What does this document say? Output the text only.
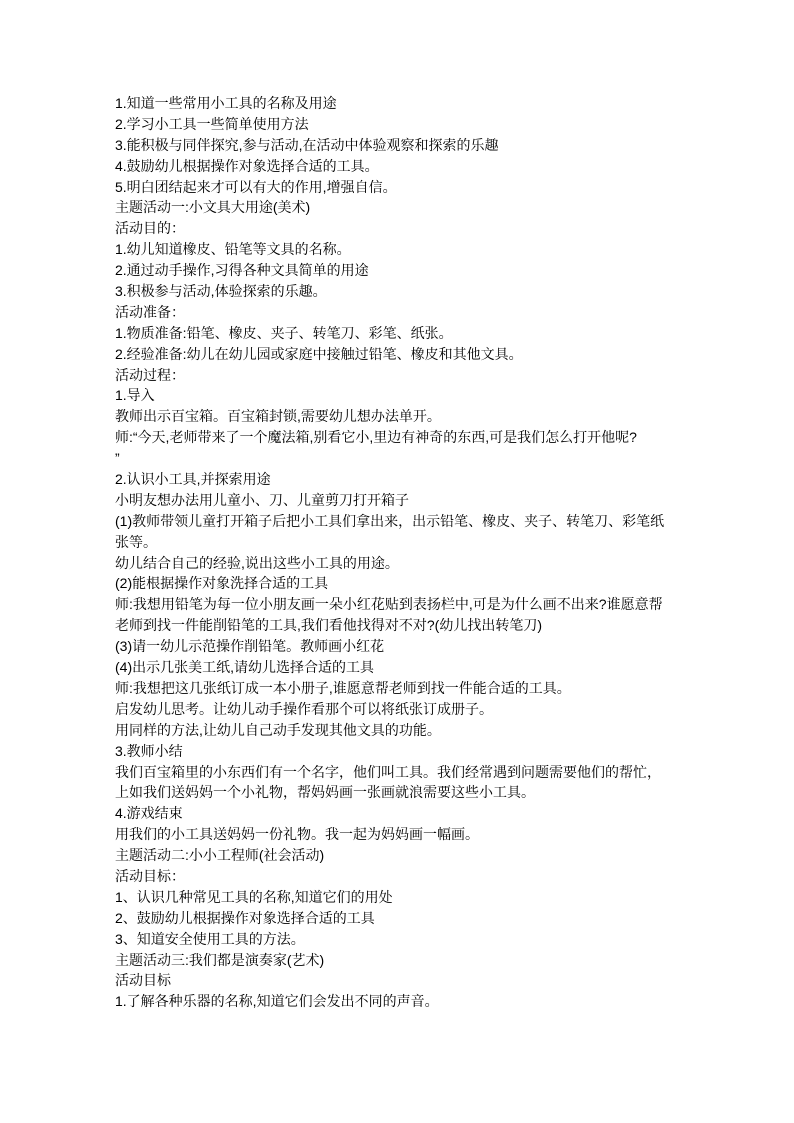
1.知道一些常用小工具的名称及用途
2.学习小工具一些简单使用方法
3.能积极与同伴探究,参与活动,在活动中体验观察和探索的乐趣
4.鼓励幼儿根据操作对象选择合适的工具。
5.明白团结起来才可以有大的作用,增强自信。
主题活动一:小文具大用途(美术)
活动目的：
1.幼儿知道橡皮、铅笔等文具的名称。
2.通过动手操作,习得各种文具简单的用途
3.积极参与活动,体验探索的乐趣。
活动准备：
1.物质准备:铅笔、橡皮、夹子、转笔刀、彩笔、纸张。
2.经验准备:幼儿在幼儿园或家庭中接触过铅笔、橡皮和其他文具。
活动过程：
1.导入
教师出示百宝箱。百宝箱封锁,需要幼儿想办法单开。
师:“今天,老师带来了一个魔法箱,别看它小,里边有神奇的东西,可是我们怎么打开他呢?
”
2.认识小工具,并探索用途
小明友想办法用儿童小、刀、儿童剪刀打开箱子
(1)教师带领儿童打开箱子后把小工具们拿出来，出示铅笔、橡皮、夹子、转笔刀、彩笔纸
张等。
幼儿结合自己的经验,说出这些小工具的用途。
(2)能根据操作对象洗择合适的工具
师:我想用铅笔为每一位小朋友画一朵小红花贴到表扬栏中,可是为什么画不出来?谁愿意帮
老师到找一件能削铅笔的工具,我们看他找得对不对?(幼儿找出转笔刀)
(3)请一幼儿示范操作削铅笔。教师画小红花
(4)出示几张美工纸,请幼儿选择合适的工具
师:我想把这几张纸订成一本小册子,谁愿意帮老师到找一件能合适的工具。
启发幼儿思考。让幼儿动手操作看那个可以将纸张订成册子。
用同样的方法,让幼儿自己动手发现其他文具的功能。
3.教师小结
我们百宝箱里的小东西们有一个名字，他们叫工具。我们经常遇到问题需要他们的帮忙，
上如我们送妈妈一个小礼物，帮妈妈画一张画就浪需要这些小工具。
4.游戏结束
用我们的小工具送妈妈一份礼物。我一起为妈妈画一幅画。
主题活动二:小小工程师(社会活动)
活动目标：
1、认识几种常见工具的名称,知道它们的用处
2、鼓励幼儿根据操作对象选择合适的工具
3、知道安全使用工具的方法。
主题活动三:我们都是演奏家(艺术)
活动目标
1.了解各种乐器的名称,知道它们会发出不同的声音。
